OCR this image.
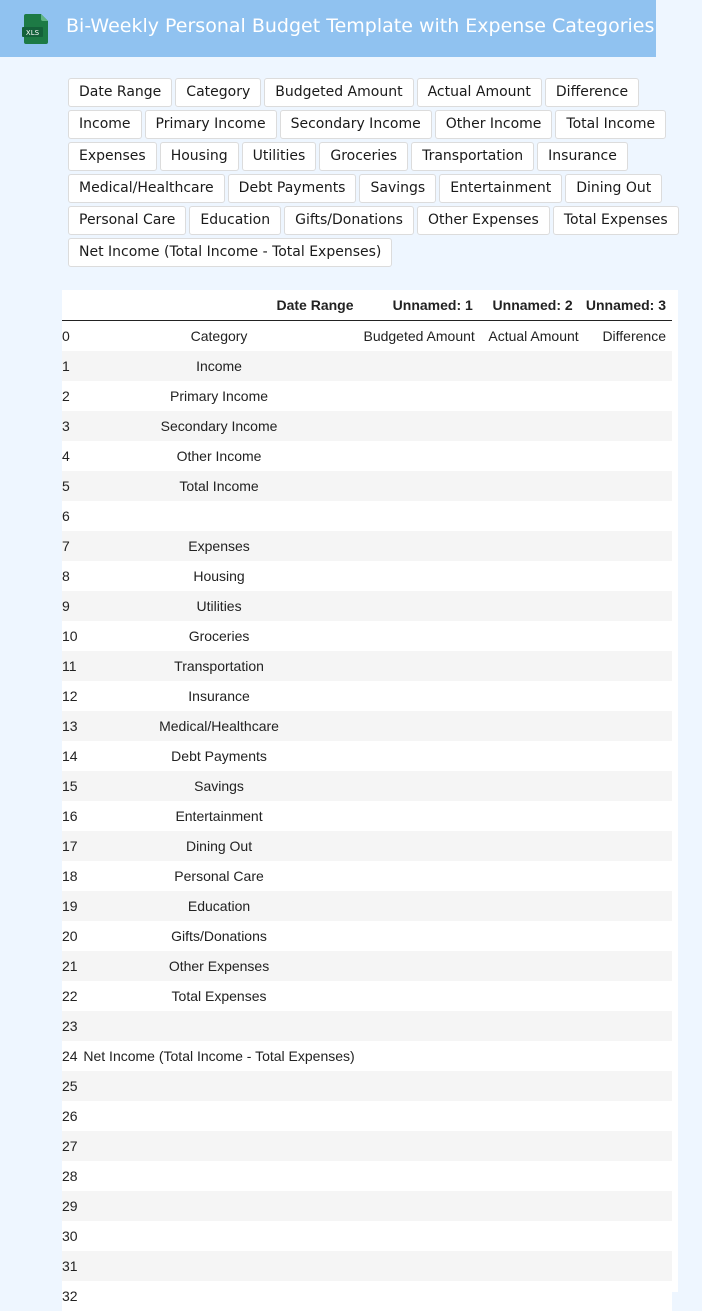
XLS Bi-Weekly Personal Budget Template with Expense Categories
Date Range	Category	Budgeted Amount	Actual Amount	Difference
Income	Primary Income	Secondary Income	Other Income	Total Income
Expenses	Housing	Utilities	Groceries	Transportation	Insurance
Medical/Healthcare	Debt Payments	Savings	Entertainment	Dining Out
Personal Care	Education	Gifts/Donations	Other Expenses	Total Expenses
Net Income (Total Income - Total Expenses)
	Date Range	Unnamed: 1	Unnamed: 2	Unnamed: 3
0	Category	Budgeted Amount	Actual Amount	Difference
1	Income			
2	Primary Income			
3	Secondary Income			
4	Other Income			
5	Total Income			
6				
7	Expenses			
8	Housing			
9	Utilities			
10	Groceries			
11	Transportation			
12	Insurance			
13	Medical/Healthcare			
14	Debt Payments			
15	Savings			
16	Entertainment			
17	Dining Out			
18	Personal Care			
19	Education			
20	Gifts/Donations			
21	Other Expenses			
22	Total Expenses			
23				
24	Net Income (Total Income - Total Expenses)			
25				
26				
27				
28				
29				
30				
31				
32				
